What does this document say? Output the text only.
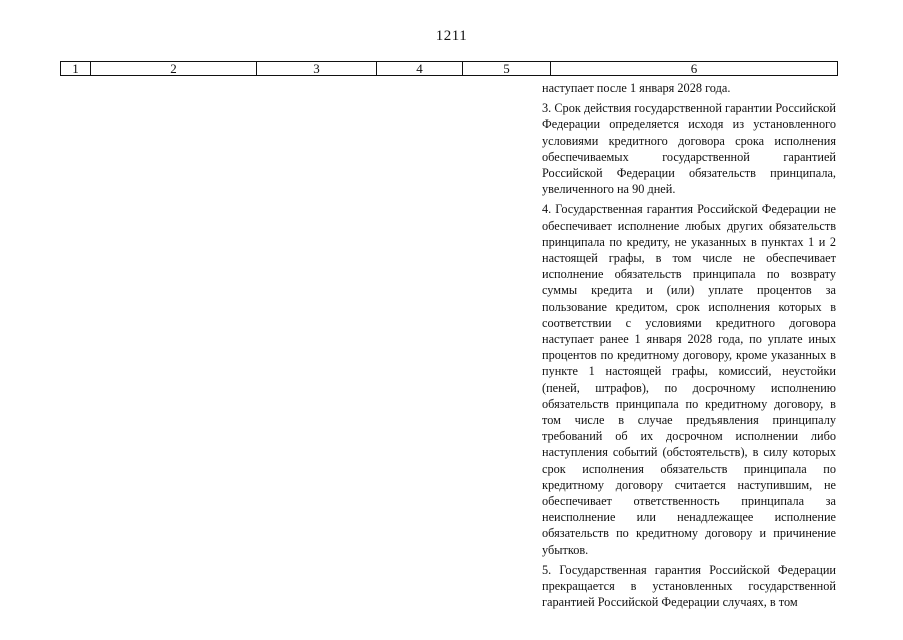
1211
1	2	3	4	5	6

наступает после 1 января 2028 года.

3. Срок действия государственной гарантии Российской Федерации определяется исходя из установленного условиями кредитного договора срока исполнения обеспечиваемых государственной гарантией Российской Федерации обязательств принципала, увеличенного на 90 дней.

4. Государственная гарантия Российской Федерации не обеспечивает исполнение любых других обязательств принципала по кредиту, не указанных в пунктах 1 и 2 настоящей графы, в том числе не обеспечивает исполнение обязательств принципала по возврату суммы кредита и (или) уплате процентов за пользование кредитом, срок исполнения которых в соответствии с условиями кредитного договора наступает ранее 1 января 2028 года, по уплате иных процентов по кредитному договору, кроме указанных в пункте 1 настоящей графы, комиссий, неустойки (пеней, штрафов), по досрочному исполнению обязательств принципала по кредитному договору, в том числе в случае предъявления принципалу требований об их досрочном исполнении либо наступления событий (обстоятельств), в силу которых срок исполнения обязательств принципала по кредитному договору считается наступившим, не обеспечивает ответственность принципала за неисполнение или ненадлежащее исполнение обязательств по кредитному договору и причинение убытков.

5. Государственная гарантия Российской Федерации прекращается в установленных государственной гарантией Российской Федерации случаях, в том
